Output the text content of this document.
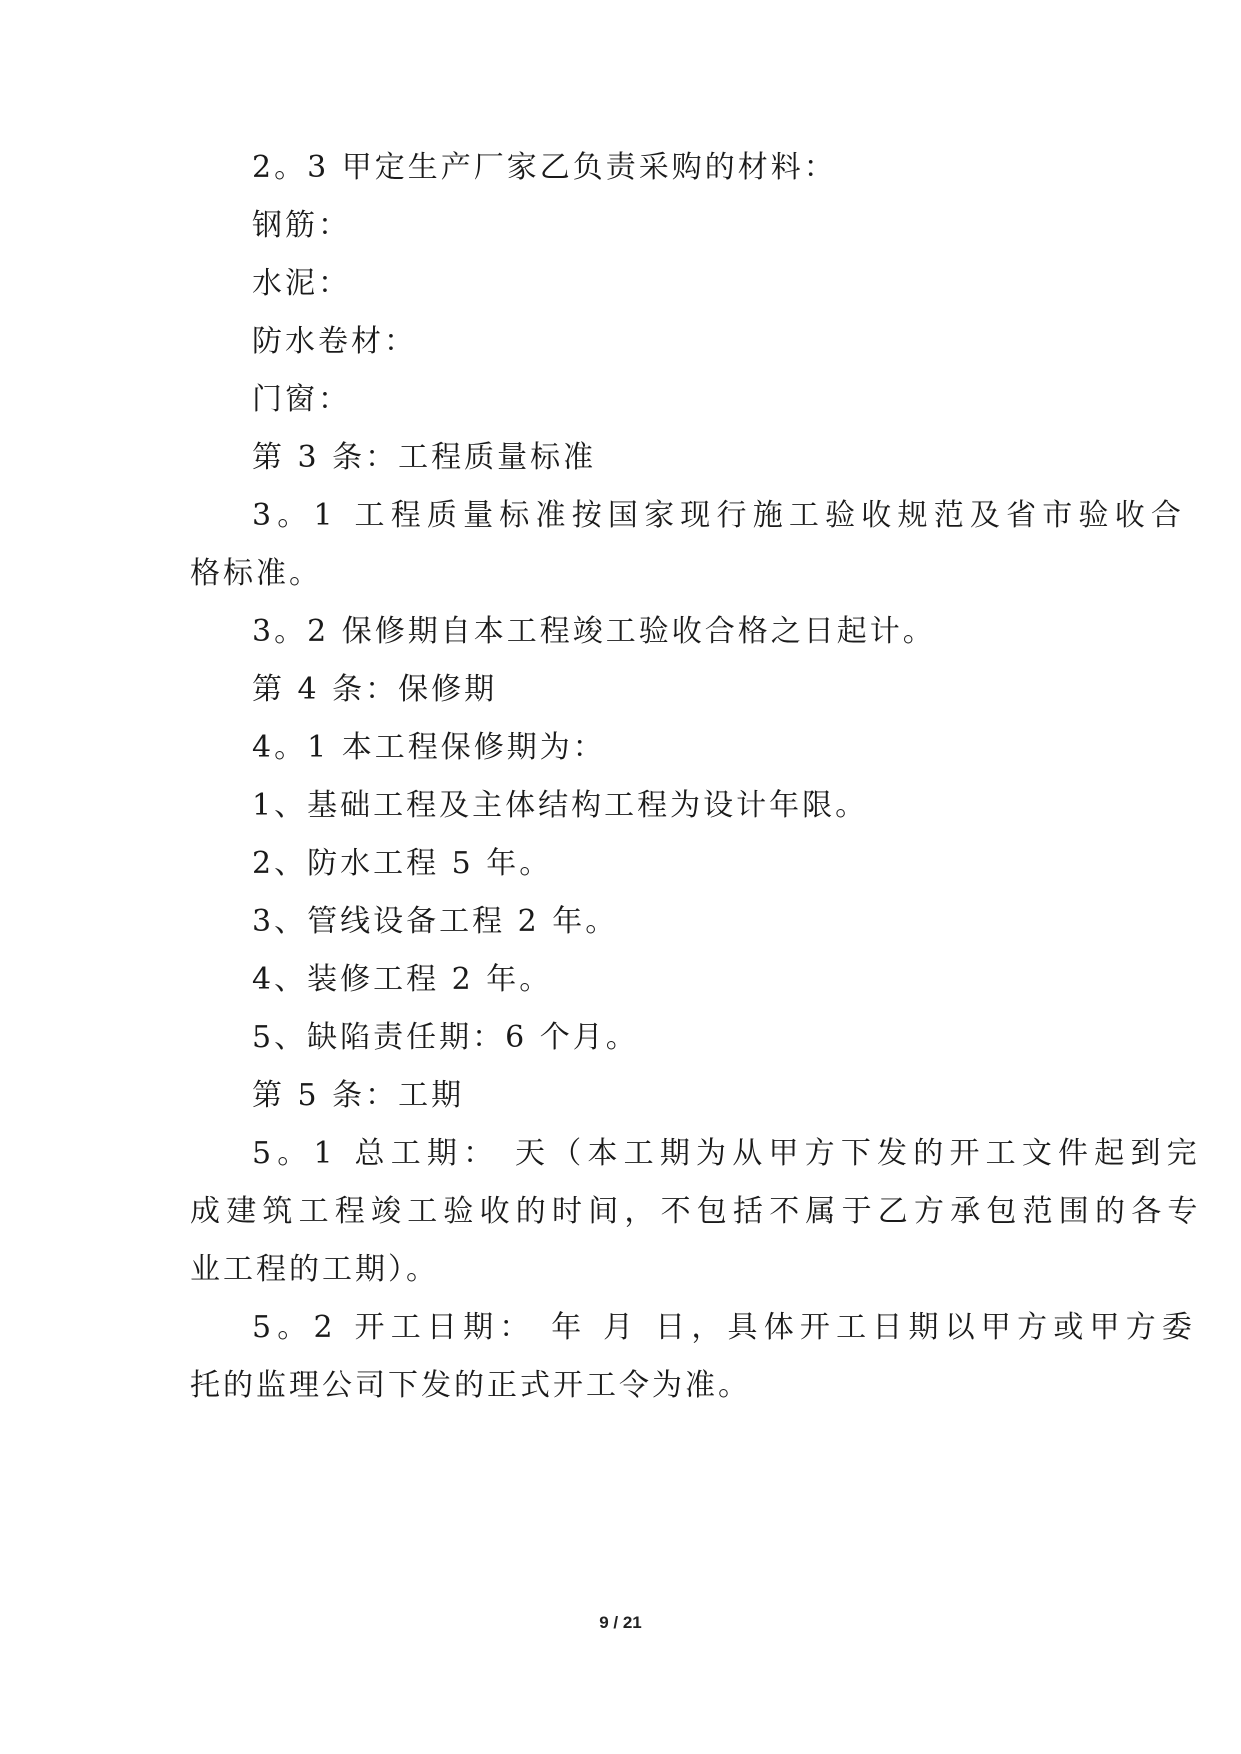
2。3 甲定生产厂家乙负责采购的材料：
钢筋：
水泥：
防水卷材：
门窗：
第 3 条：工程质量标准
3。1 工程质量标准按国家现行施工验收规范及省市验收合
格标准。
3。2 保修期自本工程竣工验收合格之日起计。
第 4 条：保修期
4。1 本工程保修期为：
1、基础工程及主体结构工程为设计年限。
2、防水工程 5 年。
3、管线设备工程 2 年。
4、装修工程 2 年。
5、缺陷责任期：6 个月。
第 5 条：工期
5。1 总工期： 天（本工期为从甲方下发的开工文件起到完
成建筑工程竣工验收的时间，不包括不属于乙方承包范围的各专
业工程的工期）。
5。2 开工日期： 年 月 日，具体开工日期以甲方或甲方委
托的监理公司下发的正式开工令为准。
9 / 21
